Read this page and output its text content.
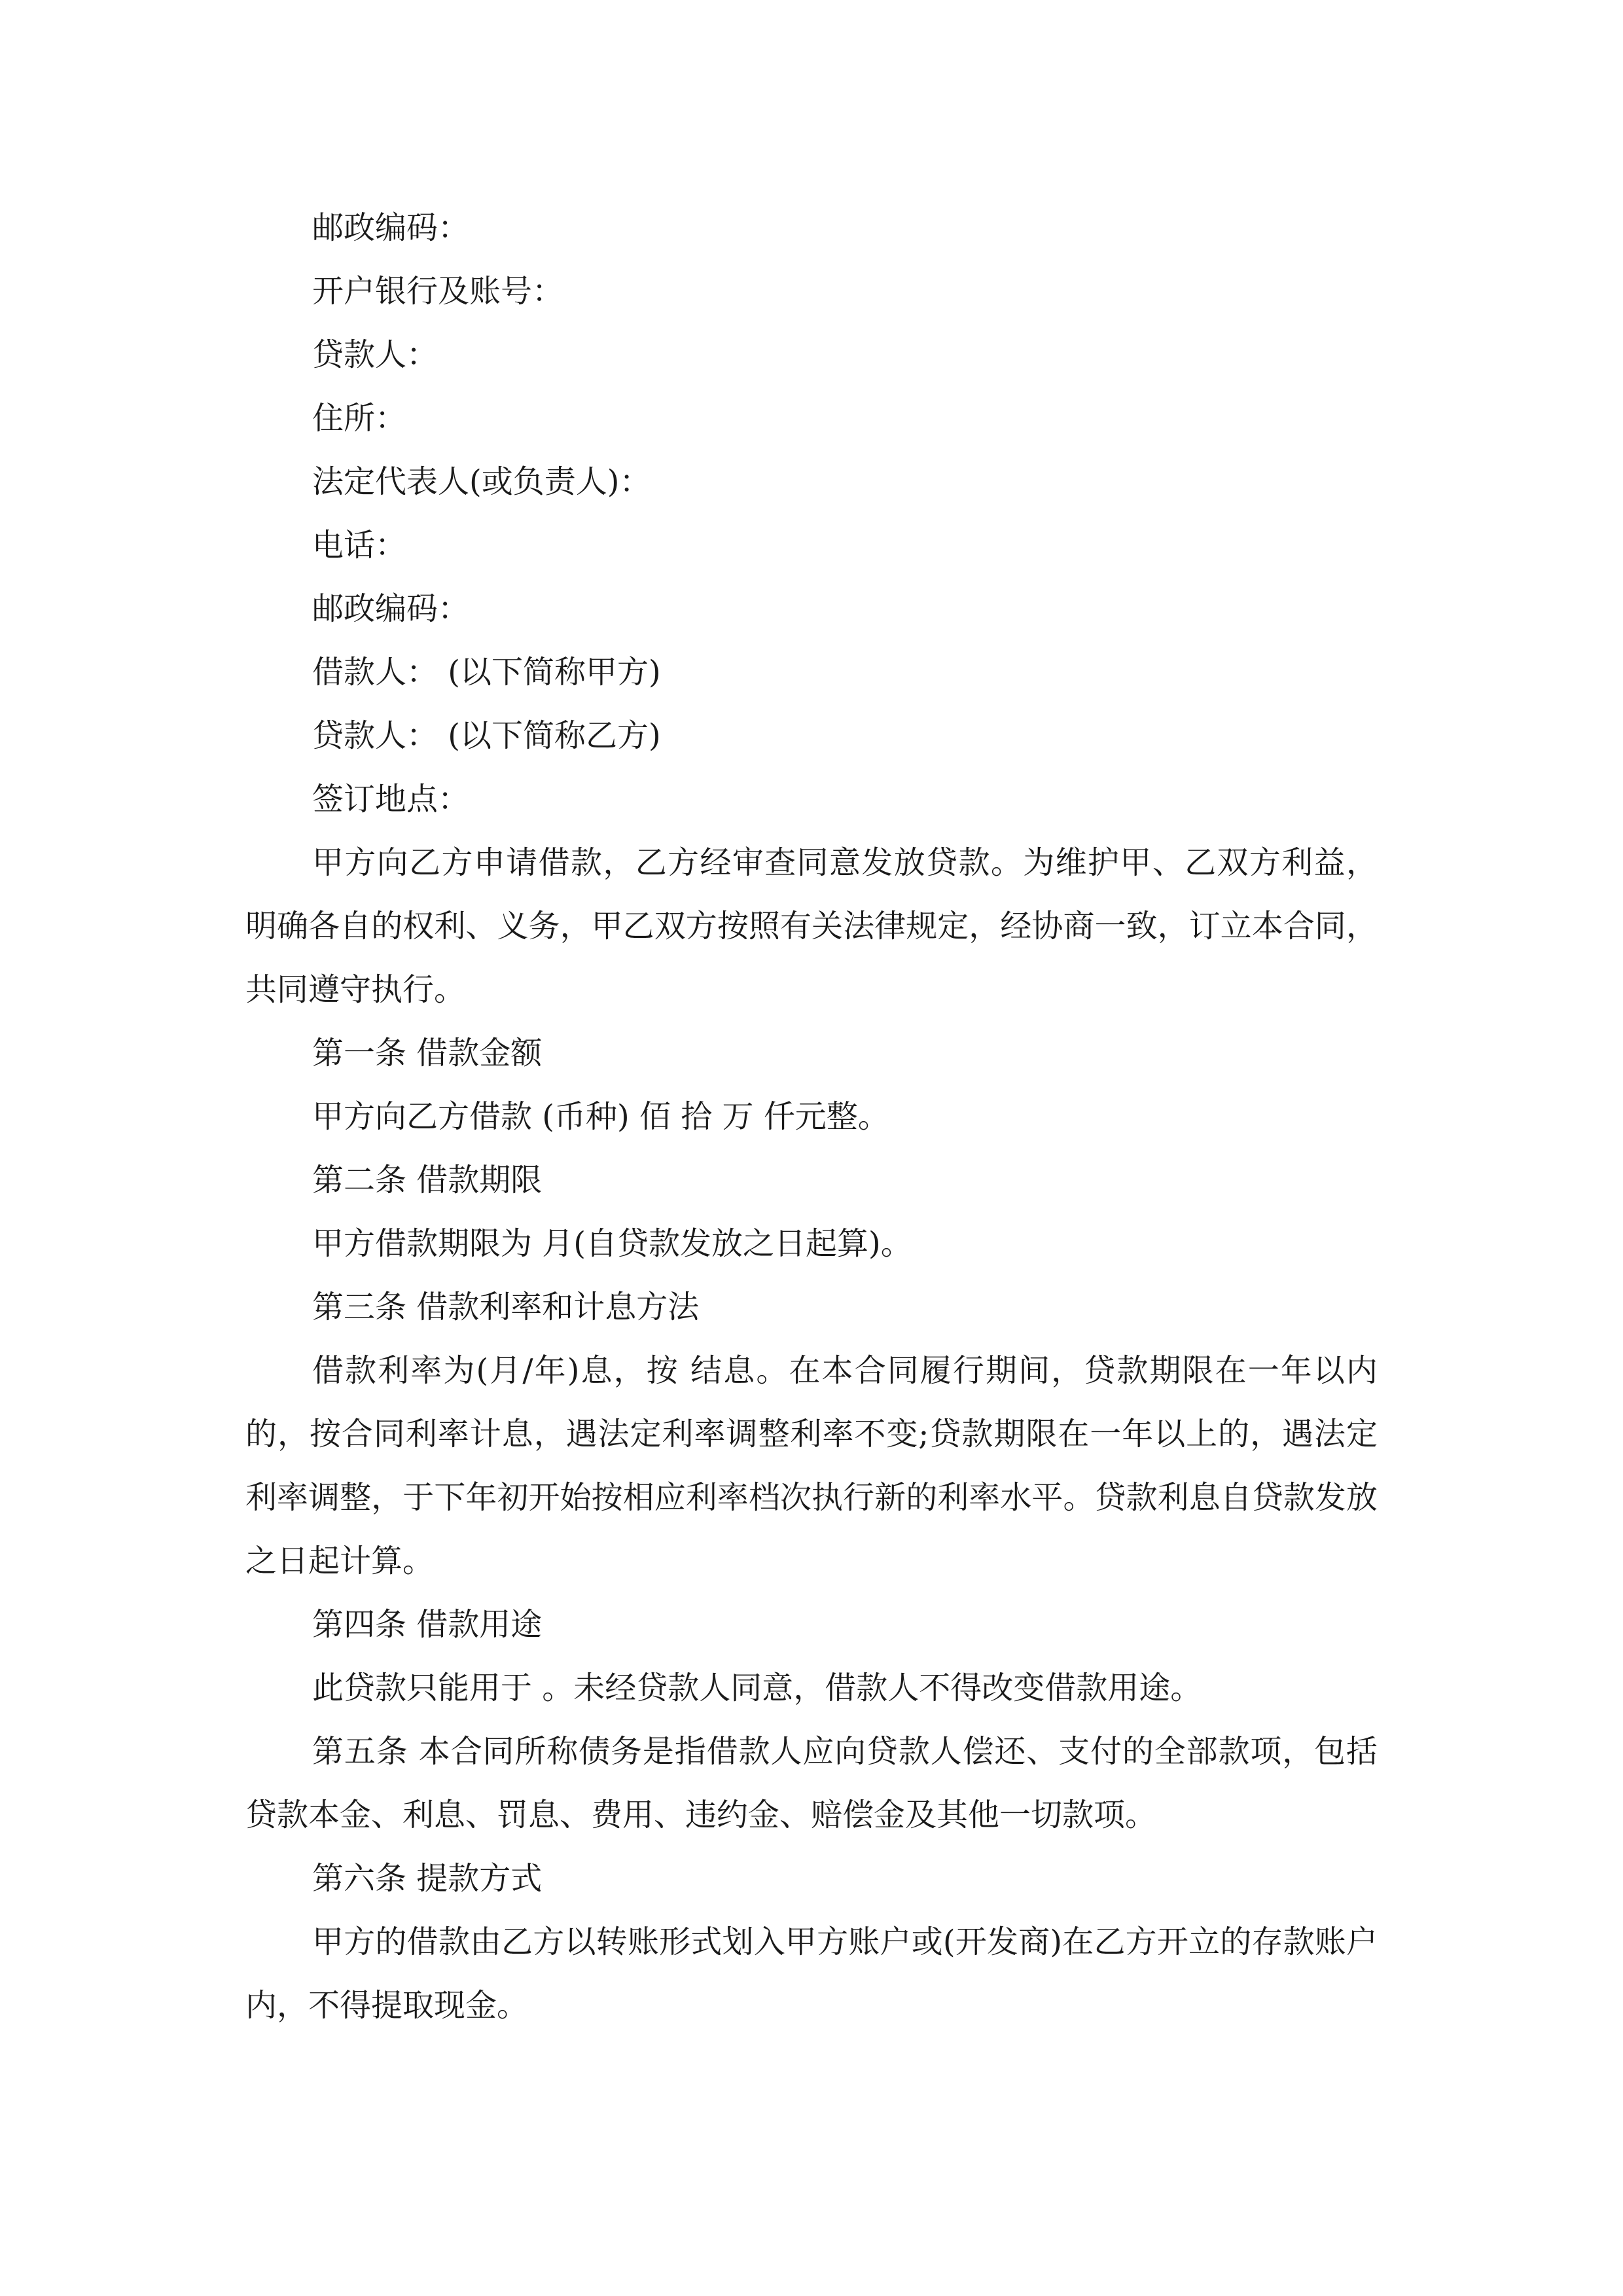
邮政编码：
开户银行及账号：
贷款人：
住所：
法定代表人(或负责人)：
电话：
邮政编码：
借款人： (以下简称甲方)
贷款人： (以下简称乙方)
签订地点：
甲方向乙方申请借款，乙方经审查同意发放贷款。为维护甲、乙双方利益，明确各自的权利、义务，甲乙双方按照有关法律规定，经协商一致，订立本合同，共同遵守执行。
第一条 借款金额
甲方向乙方借款 (币种) 佰 拾 万 仟元整。
第二条 借款期限
甲方借款期限为 月(自贷款发放之日起算)。
第三条 借款利率和计息方法
借款利率为(月/年)息，按 结息。在本合同履行期间，贷款期限在一年以内的，按合同利率计息，遇法定利率调整利率不变;贷款期限在一年以上的，遇法定利率调整，于下年初开始按相应利率档次执行新的利率水平。贷款利息自贷款发放之日起计算。
第四条 借款用途
此贷款只能用于 。未经贷款人同意，借款人不得改变借款用途。
第五条 本合同所称债务是指借款人应向贷款人偿还、支付的全部款项，包括贷款本金、利息、罚息、费用、违约金、赔偿金及其他一切款项。
第六条 提款方式
甲方的借款由乙方以转账形式划入甲方账户或(开发商)在乙方开立的存款账户内，不得提取现金。
